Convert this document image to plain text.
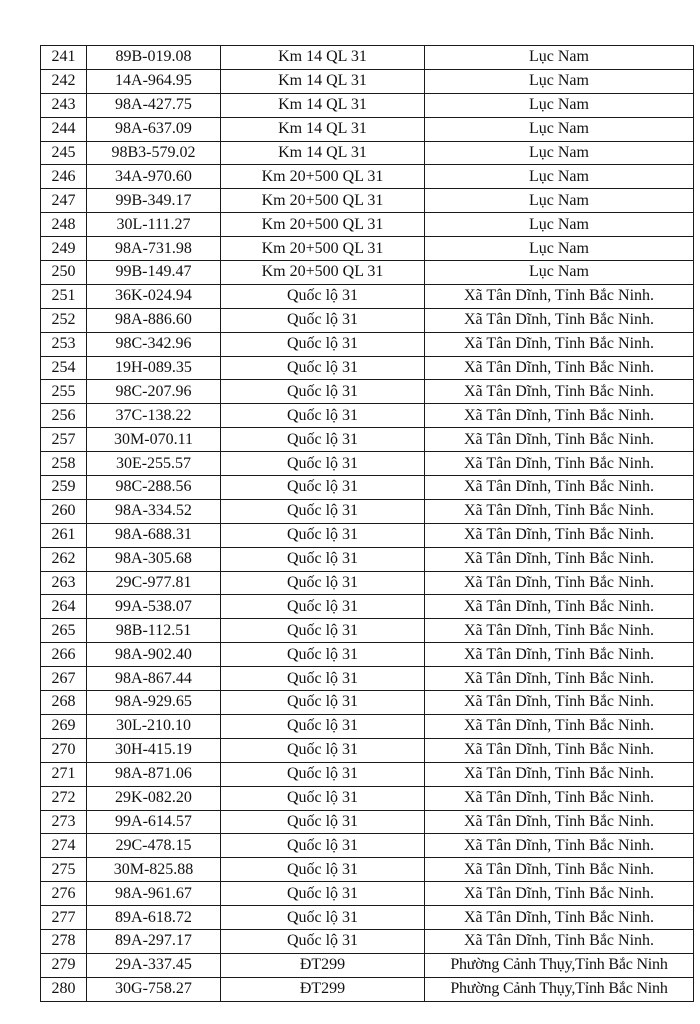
241	89B-019.08	Km 14 QL 31	Lục Nam
242	14A-964.95	Km 14 QL 31	Lục Nam
243	98A-427.75	Km 14 QL 31	Lục Nam
244	98A-637.09	Km 14 QL 31	Lục Nam
245	98B3-579.02	Km 14 QL 31	Lục Nam
246	34A-970.60	Km 20+500 QL 31	Lục Nam
247	99B-349.17	Km 20+500 QL 31	Lục Nam
248	30L-111.27	Km 20+500 QL 31	Lục Nam
249	98A-731.98	Km 20+500 QL 31	Lục Nam
250	99B-149.47	Km 20+500 QL 31	Lục Nam
251	36K-024.94	Quốc lộ 31	Xã Tân Dĩnh, Tỉnh Bắc Ninh.
252	98A-886.60	Quốc lộ 31	Xã Tân Dĩnh, Tỉnh Bắc Ninh.
253	98C-342.96	Quốc lộ 31	Xã Tân Dĩnh, Tỉnh Bắc Ninh.
254	19H-089.35	Quốc lộ 31	Xã Tân Dĩnh, Tỉnh Bắc Ninh.
255	98C-207.96	Quốc lộ 31	Xã Tân Dĩnh, Tỉnh Bắc Ninh.
256	37C-138.22	Quốc lộ 31	Xã Tân Dĩnh, Tỉnh Bắc Ninh.
257	30M-070.11	Quốc lộ 31	Xã Tân Dĩnh, Tỉnh Bắc Ninh.
258	30E-255.57	Quốc lộ 31	Xã Tân Dĩnh, Tỉnh Bắc Ninh.
259	98C-288.56	Quốc lộ 31	Xã Tân Dĩnh, Tỉnh Bắc Ninh.
260	98A-334.52	Quốc lộ 31	Xã Tân Dĩnh, Tỉnh Bắc Ninh.
261	98A-688.31	Quốc lộ 31	Xã Tân Dĩnh, Tỉnh Bắc Ninh.
262	98A-305.68	Quốc lộ 31	Xã Tân Dĩnh, Tỉnh Bắc Ninh.
263	29C-977.81	Quốc lộ 31	Xã Tân Dĩnh, Tỉnh Bắc Ninh.
264	99A-538.07	Quốc lộ 31	Xã Tân Dĩnh, Tỉnh Bắc Ninh.
265	98B-112.51	Quốc lộ 31	Xã Tân Dĩnh, Tỉnh Bắc Ninh.
266	98A-902.40	Quốc lộ 31	Xã Tân Dĩnh, Tỉnh Bắc Ninh.
267	98A-867.44	Quốc lộ 31	Xã Tân Dĩnh, Tỉnh Bắc Ninh.
268	98A-929.65	Quốc lộ 31	Xã Tân Dĩnh, Tỉnh Bắc Ninh.
269	30L-210.10	Quốc lộ 31	Xã Tân Dĩnh, Tỉnh Bắc Ninh.
270	30H-415.19	Quốc lộ 31	Xã Tân Dĩnh, Tỉnh Bắc Ninh.
271	98A-871.06	Quốc lộ 31	Xã Tân Dĩnh, Tỉnh Bắc Ninh.
272	29K-082.20	Quốc lộ 31	Xã Tân Dĩnh, Tỉnh Bắc Ninh.
273	99A-614.57	Quốc lộ 31	Xã Tân Dĩnh, Tỉnh Bắc Ninh.
274	29C-478.15	Quốc lộ 31	Xã Tân Dĩnh, Tỉnh Bắc Ninh.
275	30M-825.88	Quốc lộ 31	Xã Tân Dĩnh, Tỉnh Bắc Ninh.
276	98A-961.67	Quốc lộ 31	Xã Tân Dĩnh, Tỉnh Bắc Ninh.
277	89A-618.72	Quốc lộ 31	Xã Tân Dĩnh, Tỉnh Bắc Ninh.
278	89A-297.17	Quốc lộ 31	Xã Tân Dĩnh, Tỉnh Bắc Ninh.
279	29A-337.45	ĐT299	Phường Cảnh Thụy,Tỉnh Bắc Ninh
280	30G-758.27	ĐT299	Phường Cảnh Thụy,Tỉnh Bắc Ninh
